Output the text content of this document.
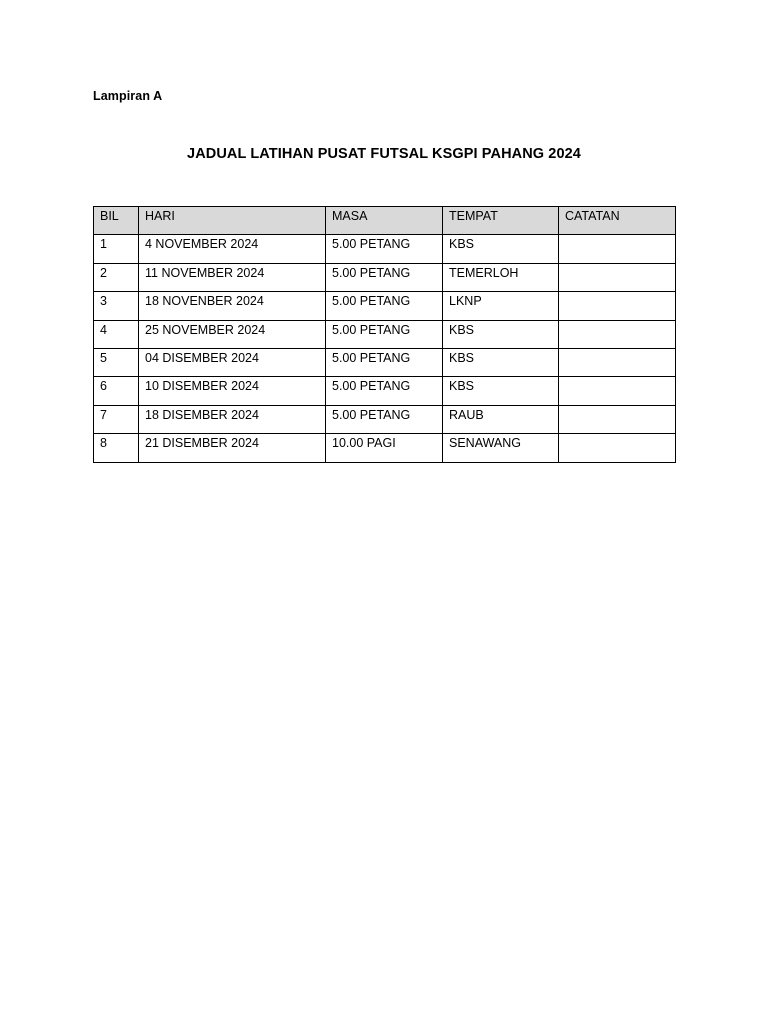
Lampiran A
JADUAL LATIHAN PUSAT FUTSAL KSGPI PAHANG 2024
BIL	HARI	MASA	TEMPAT	CATATAN
1	4 NOVEMBER 2024	5.00 PETANG	KBS	
2	11 NOVEMBER 2024	5.00 PETANG	TEMERLOH	
3	18 NOVENBER 2024	5.00 PETANG	LKNP	
4	25 NOVEMBER 2024	5.00 PETANG	KBS	
5	04 DISEMBER 2024	5.00 PETANG	KBS	
6	10 DISEMBER 2024	5.00 PETANG	KBS	
7	18 DISEMBER 2024	5.00 PETANG	RAUB	
8	21 DISEMBER 2024	10.00 PAGI	SENAWANG	
